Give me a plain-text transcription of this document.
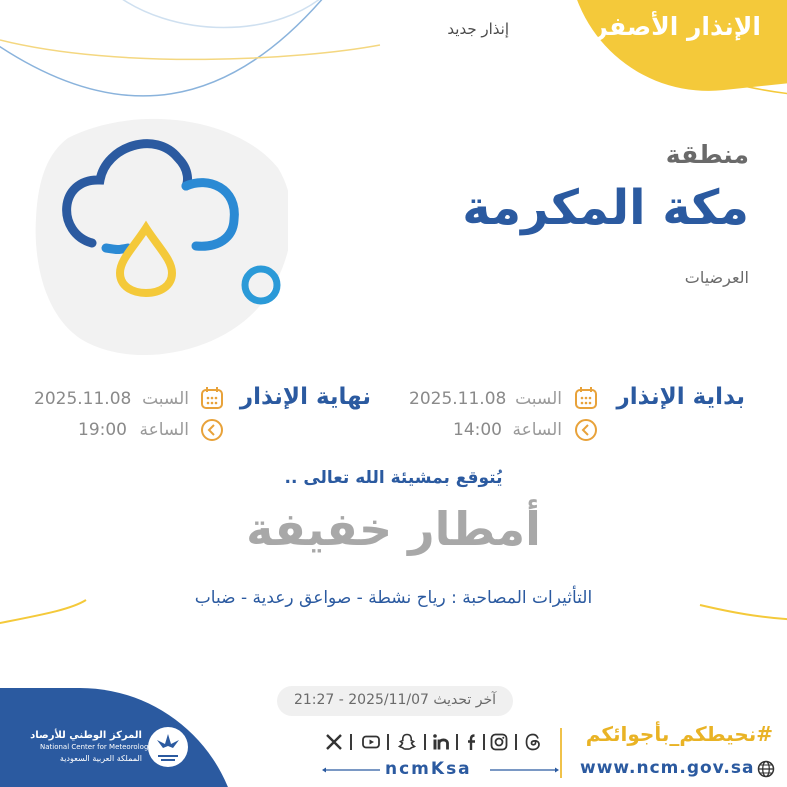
الإنذار الأصفر
إنذار جديد
منطقة
مكة المكرمة
العرضيات
بداية الإنذار
السبت
2025.11.08
الساعة
14:00
نهاية الإنذار
السبت
2025.11.08
الساعة
19:00
يُتوقع بمشيئة الله تعالى ..
أمطار خفيفة
التأثيرات المصاحبة : رياح نشطة - صواعق رعدية - ضباب
آخر تحديث 2025/11/07 - 21:27
المركز الوطني للأرصاد
National Center for Meteorology
المملكة العربية السعودية
ncmKsa
#نحيطكم_بأجوائكم
www.ncm.gov.sa
